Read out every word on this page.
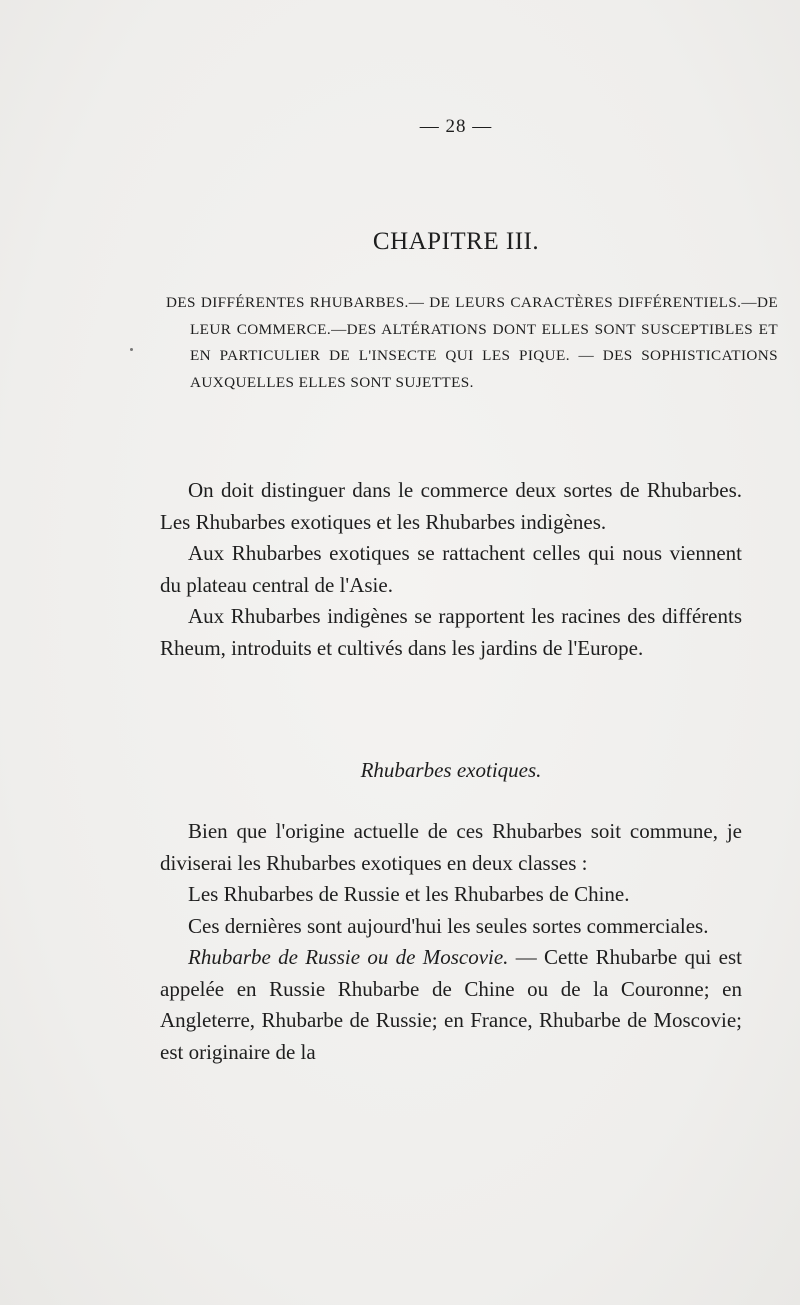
— 28 —
CHAPITRE III.
DES DIFFÉRENTES RHUBARBES.— DE LEURS CARACTÈRES DIFFÉRENTIELS.—DE LEUR COMMERCE.—DES ALTÉRATIONS DONT ELLES SONT SUSCEPTIBLES ET EN PARTICULIER DE L'INSECTE QUI LES PIQUE. — DES SOPHISTICATIONS AUXQUELLES ELLES SONT SUJETTES.

On doit distinguer dans le commerce deux sortes de Rhubarbes. Les Rhubarbes exotiques et les Rhubarbes indigènes.

Aux Rhubarbes exotiques se rattachent celles qui nous viennent du plateau central de l'Asie.

Aux Rhubarbes indigènes se rapportent les racines des différents Rheum, introduits et cultivés dans les jardins de l'Europe.

Rhubarbes exotiques.

Bien que l'origine actuelle de ces Rhubarbes soit commune, je diviserai les Rhubarbes exotiques en deux classes :

Les Rhubarbes de Russie et les Rhubarbes de Chine.

Ces dernières sont aujourd'hui les seules sortes commerciales.

Rhubarbe de Russie ou de Moscovie. — Cette Rhubarbe qui est appelée en Russie Rhubarbe de Chine ou de la Couronne; en Angleterre, Rhubarbe de Russie; en France, Rhubarbe de Moscovie; est originaire de la
